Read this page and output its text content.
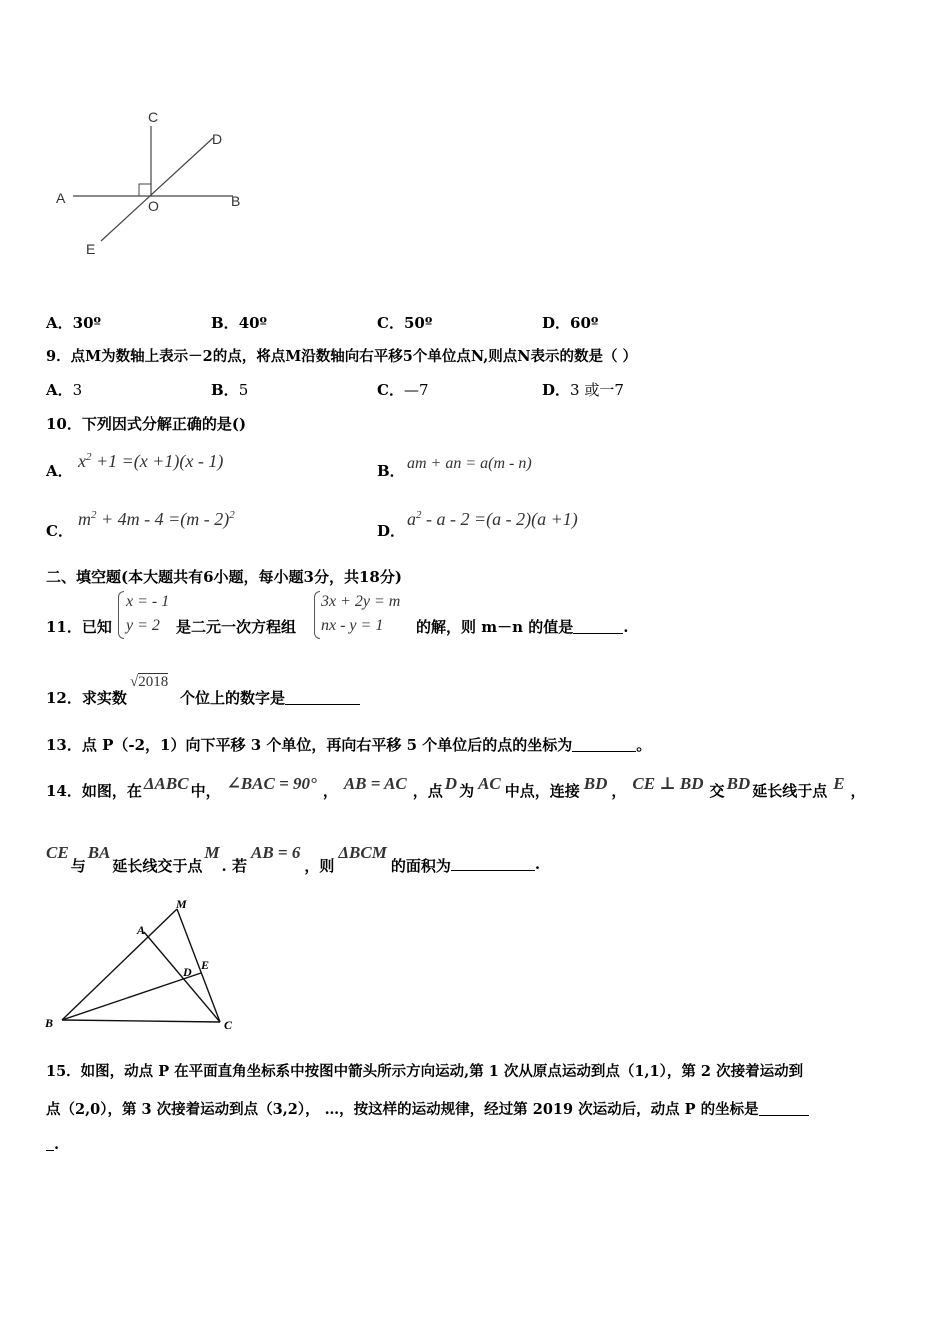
C
D
A	O	B
E
A．30º	B．40º	C．50º	D．60º
9．点M为数轴上表示－2的点，将点M沿数轴向右平移5个单位点N,则点N表示的数是（ ）
A．3	B．5	C．—7	D．3 或一7
10．下列因式分解正确的是()
A． $x^2 +1 =(x +1)(x - 1)$	B． am + an = a(m - n)
C．
$m^2 + 4m - 4 =(m - 2)^2$
D．
$a^2 - a - 2 =(a - 2)(a +1)$
二、填空题(本大题共有6小题，每小题3分，共18分)
11．已知
x = - 1
y = 2	是二元一次方程组
3x + 2y = m
nx - y = 1	的解，则 m－n 的值是	.
12．求实数
√2018
个位上的数字是
13．点 P（-2，1）向下平移 3 个单位，再向右平移 5 个单位后的点的坐标为	。
14．如图，在 ΔABC 中， ∠BAC = 90° ， AB = AC ，点 D 为 AC 中点，连接 BD ， CE ⊥ BD 交 BD 延长线于点 E ，
CE
与
BA
延长线交于点
M
. 若
AB = 6
，则
ΔBCM
的面积为	.
M
A
E
D
B	C
15．如图，动点 P 在平面直角坐标系中按图中箭头所示方向运动,第 1 次从原点运动到点（1,1），第 2 次接着运动到
点（2,0），第 3 次接着运动到点（3,2）， …，按这样的运动规律，经过第 2019 次运动后，动点 P 的坐标是
.
